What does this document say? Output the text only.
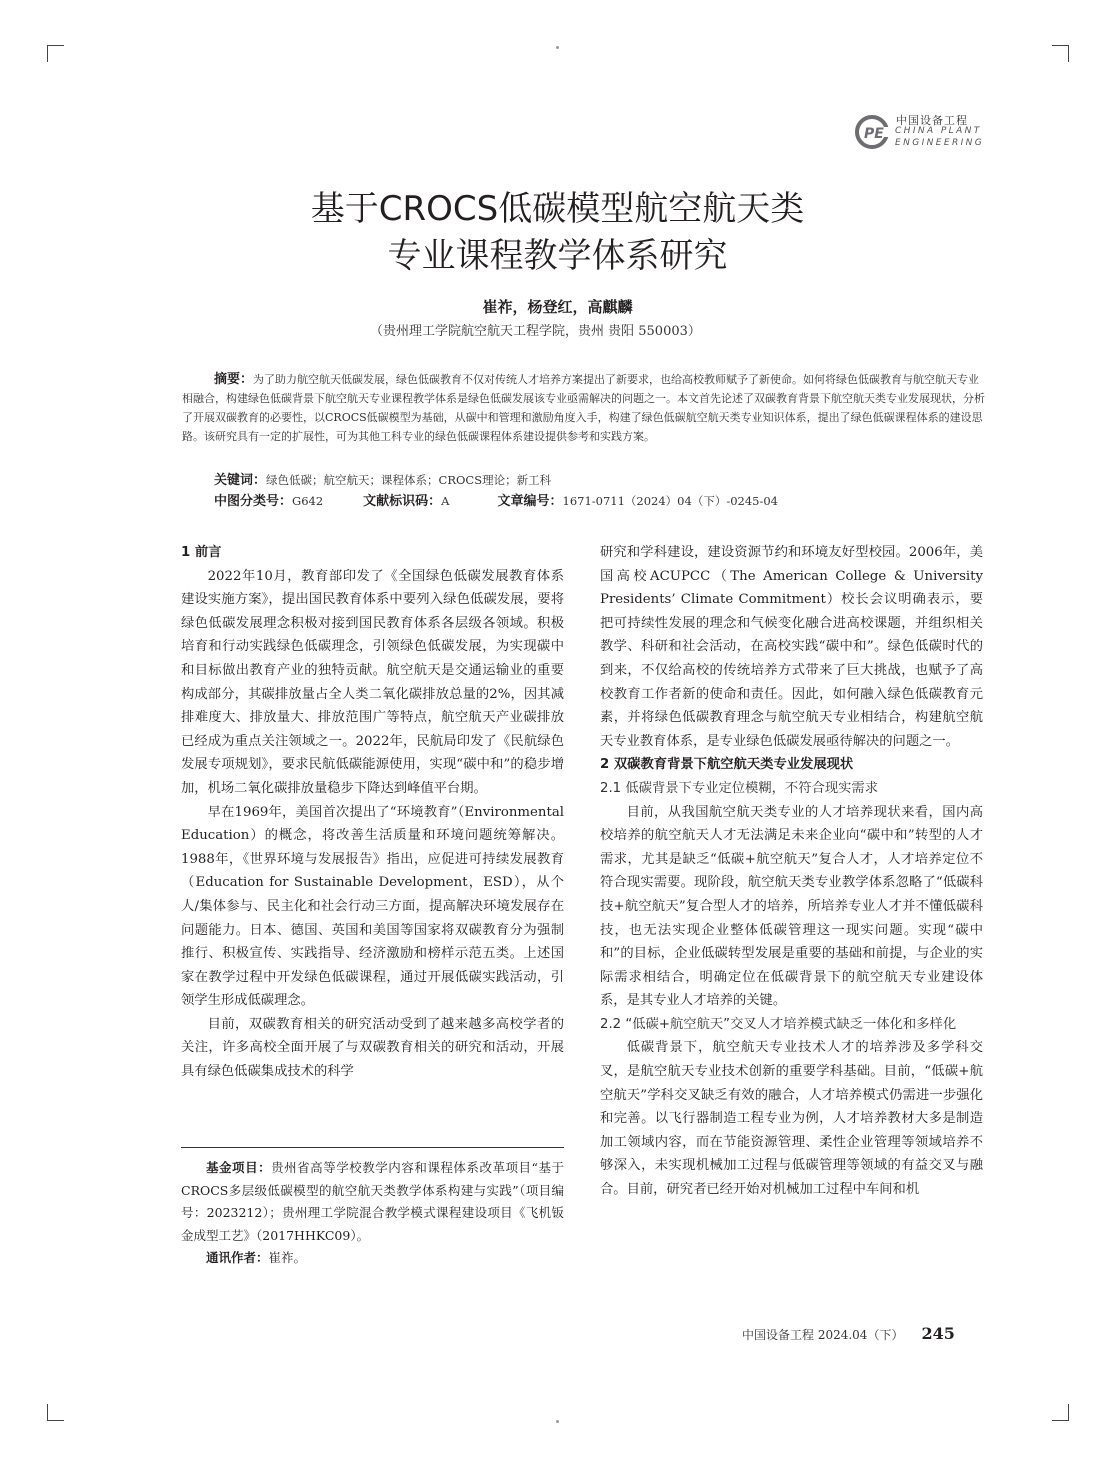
PE
中国设备工程
CHINA PLANT
ENGINEERING
基于CROCS低碳模型航空航天类
专业课程教学体系研究
崔祚，杨登红，高麒麟
（贵州理工学院航空航天工程学院，贵州 贵阳 550003）

摘要：为了助力航空航天低碳发展，绿色低碳教育不仅对传统人才培养方案提出了新要求，也给高校教师赋予了新使命。如何将绿色低碳教育与航空航天专业相融合，构建绿色低碳背景下航空航天专业课程教学体系是绿色低碳发展该专业亟需解决的问题之一。本文首先论述了双碳教育背景下航空航天类专业发展现状，分析了开展双碳教育的必要性，以CROCS低碳模型为基础，从碳中和管理和激励角度入手，构建了绿色低碳航空航天类专业知识体系，提出了绿色低碳课程体系的建设思路。该研究具有一定的扩展性，可为其他工科专业的绿色低碳课程体系建设提供参考和实践方案。

关键词：绿色低碳；航空航天；课程体系；CROCS理论；新工科
中图分类号：G642	文献标识码：A	文章编号：1671-0711（2024）04（下）-0245-04
1 前言

2022年10月，教育部印发了《全国绿色低碳发展教育体系建设实施方案》，提出国民教育体系中要列入绿色低碳发展，要将绿色低碳发展理念积极对接到国民教育体系各层级各领域。积极培育和行动实践绿色低碳理念，引领绿色低碳发展，为实现碳中和目标做出教育产业的独特贡献。航空航天是交通运输业的重要构成部分，其碳排放量占全人类二氧化碳排放总量的2%，因其减排难度大、排放量大、排放范围广等特点，航空航天产业碳排放已经成为重点关注领域之一。2022年，民航局印发了《民航绿色发展专项规划》，要求民航低碳能源使用，实现“碳中和”的稳步增加，机场二氧化碳排放量稳步下降达到峰值平台期。

早在1969年，美国首次提出了“环境教育”（Environmental Education）的概念，将改善生活质量和环境问题统筹解决。1988年，《世界环境与发展报告》指出，应促进可持续发展教育（Education for Sustainable Development，ESD），从个人/集体参与、民主化和社会行动三方面，提高解决环境发展存在问题能力。日本、德国、英国和美国等国家将双碳教育分为强制推行、积极宣传、实践指导、经济激励和榜样示范五类。上述国家在教学过程中开发绿色低碳课程，通过开展低碳实践活动，引领学生形成低碳理念。

目前，双碳教育相关的研究活动受到了越来越多高校学者的关注，许多高校全面开展了与双碳教育相关的研究和活动，开展具有绿色低碳集成技术的科学

基金项目：贵州省高等学校教学内容和课程体系改革项目“基于CROCS多层级低碳模型的航空航天类教学体系构建与实践”（项目编号：2023212）；贵州理工学院混合教学模式课程建设项目《飞机钣金成型工艺》（2017HHKC09）。

通讯作者：崔祚。

研究和学科建设，建设资源节约和环境友好型校园。2006年，美国高校ACUPCC（The American College & University Presidents’ Climate Commitment）校长会议明确表示，要把可持续性发展的理念和气候变化融合进高校课题，并组织相关教学、科研和社会活动，在高校实践“碳中和”。绿色低碳时代的到来，不仅给高校的传统培养方式带来了巨大挑战，也赋予了高校教育工作者新的使命和责任。因此，如何融入绿色低碳教育元素，并将绿色低碳教育理念与航空航天专业相结合，构建航空航天专业教育体系，是专业绿色低碳发展亟待解决的问题之一。

2 双碳教育背景下航空航天类专业发展现状
2.1 低碳背景下专业定位模糊，不符合现实需求

目前，从我国航空航天类专业的人才培养现状来看，国内高校培养的航空航天人才无法满足未来企业向“碳中和”转型的人才需求，尤其是缺乏“低碳+航空航天”复合人才，人才培养定位不符合现实需要。现阶段，航空航天类专业教学体系忽略了“低碳科技+航空航天”复合型人才的培养，所培养专业人才并不懂低碳科技，也无法实现企业整体低碳管理这一现实问题。实现“碳中和”的目标，企业低碳转型发展是重要的基础和前提，与企业的实际需求相结合，明确定位在低碳背景下的航空航天专业建设体系，是其专业人才培养的关键。

2.2 “低碳+航空航天”交叉人才培养模式缺乏一体化和多样化

低碳背景下，航空航天专业技术人才的培养涉及多学科交叉，是航空航天专业技术创新的重要学科基础。目前，“低碳+航空航天”学科交叉缺乏有效的融合，人才培养模式仍需进一步强化和完善。以飞行器制造工程专业为例，人才培养教材大多是制造加工领域内容，而在节能资源管理、柔性企业管理等领域培养不够深入，未实现机械加工过程与低碳管理等领域的有益交叉与融合。目前，研究者已经开始对机械加工过程中车间和机

中国设备工程 2024.04（下） 245
